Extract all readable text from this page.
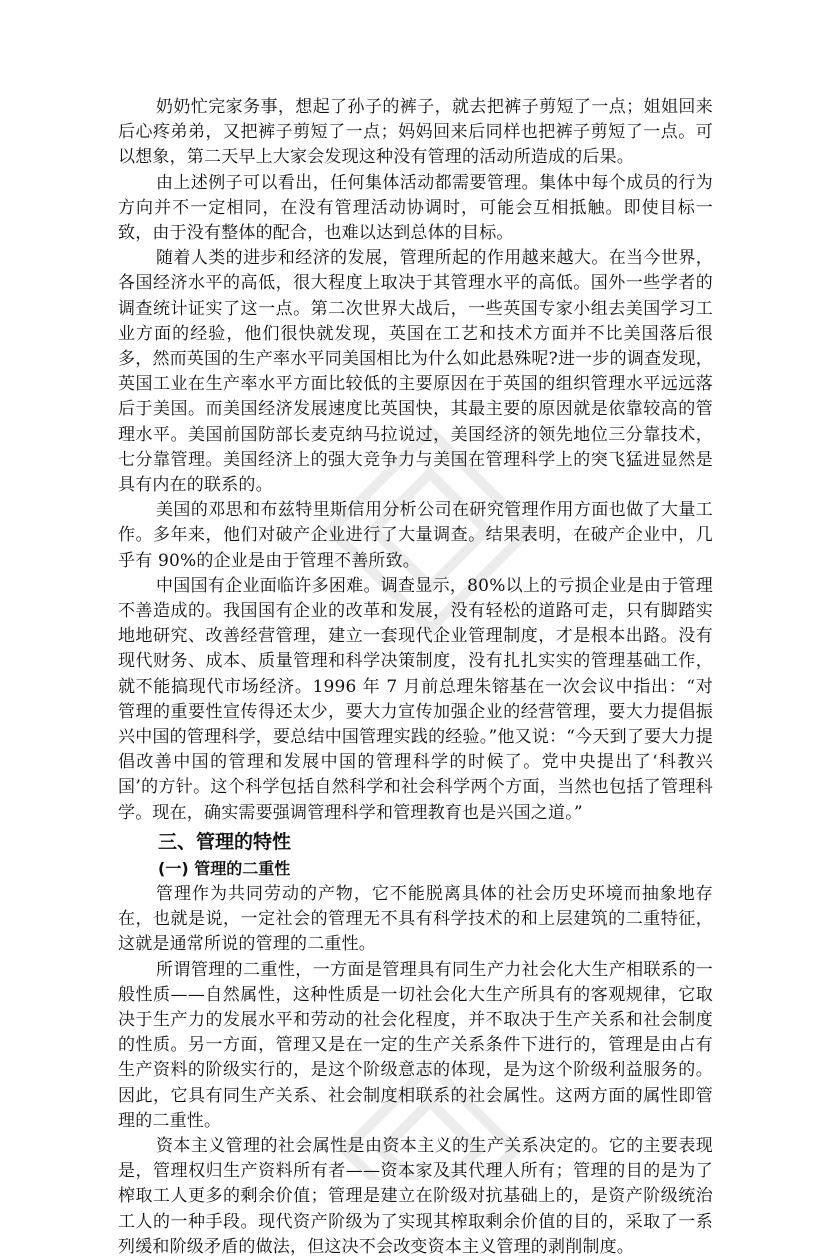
奶奶忙完家务事，想起了孙子的裤子，就去把裤子剪短了一点；姐姐回来后心疼弟弟，又把裤子剪短了一点；妈妈回来后同样也把裤子剪短了一点。可以想象，第二天早上大家会发现这种没有管理的活动所造成的后果。

由上述例子可以看出，任何集体活动都需要管理。集体中每个成员的行为方向并不一定相同，在没有管理活动协调时，可能会互相抵触。即使目标一致，由于没有整体的配合，也难以达到总体的目标。

随着人类的进步和经济的发展，管理所起的作用越来越大。在当今世界，各国经济水平的高低，很大程度上取决于其管理水平的高低。国外一些学者的调查统计证实了这一点。第二次世界大战后，一些英国专家小组去美国学习工业方面的经验，他们很快就发现，英国在工艺和技术方面并不比美国落后很多，然而英国的生产率水平同美国相比为什么如此悬殊呢?进一步的调查发现，英国工业在生产率水平方面比较低的主要原因在于英国的组织管理水平远远落后于美国。而美国经济发展速度比英国快，其最主要的原因就是依靠较高的管理水平。美国前国防部长麦克纳马拉说过，美国经济的领先地位三分靠技术，七分靠管理。美国经济上的强大竞争力与美国在管理科学上的突飞猛进显然是具有内在的联系的。

美国的邓思和布兹特里斯信用分析公司在研究管理作用方面也做了大量工作。多年来，他们对破产企业进行了大量调查。结果表明，在破产企业中，几乎有 90%的企业是由于管理不善所致。

中国国有企业面临许多困难。调查显示，80%以上的亏损企业是由于管理不善造成的。我国国有企业的改革和发展，没有轻松的道路可走，只有脚踏实地地研究、改善经营管理，建立一套现代企业管理制度，才是根本出路。没有现代财务、成本、质量管理和科学决策制度，没有扎扎实实的管理基础工作，就不能搞现代市场经济。1996 年 7 月前总理朱镕基在一次会议中指出：“对管理的重要性宣传得还太少，要大力宣传加强企业的经营管理，要大力提倡振兴中国的管理科学，要总结中国管理实践的经验。”他又说：“今天到了要大力提倡改善中国的管理和发展中国的管理科学的时候了。党中央提出了‘科教兴国’的方针。这个科学包括自然科学和社会科学两个方面，当然也包括了管理科学。现在，确实需要强调管理科学和管理教育也是兴国之道。”

三、管理的特性
(一) 管理的二重性

管理作为共同劳动的产物，它不能脱离具体的社会历史环境而抽象地存在，也就是说，一定社会的管理无不具有科学技术的和上层建筑的二重特征，这就是通常所说的管理的二重性。

所谓管理的二重性，一方面是管理具有同生产力社会化大生产相联系的一般性质——自然属性，这种性质是一切社会化大生产所具有的客观规律，它取决于生产力的发展水平和劳动的社会化程度，并不取决于生产关系和社会制度的性质。另一方面，管理又是在一定的生产关系条件下进行的，管理是由占有生产资料的阶级实行的，是这个阶级意志的体现，是为这个阶级利益服务的。因此，它具有同生产关系、社会制度相联系的社会属性。这两方面的属性即管理的二重性。

资本主义管理的社会属性是由资本主义的生产关系决定的。它的主要表现是，管理权归生产资料所有者——资本家及其代理人所有；管理的目的是为了榨取工人更多的剩余价值；管理是建立在阶级对抗基础上的，是资产阶级统治工人的一种手段。现代资产阶级为了实现其榨取剩余价值的目的，采取了一系列缓和阶级矛盾的做法，但这决不会改变资本主义管理的剥削制度。
